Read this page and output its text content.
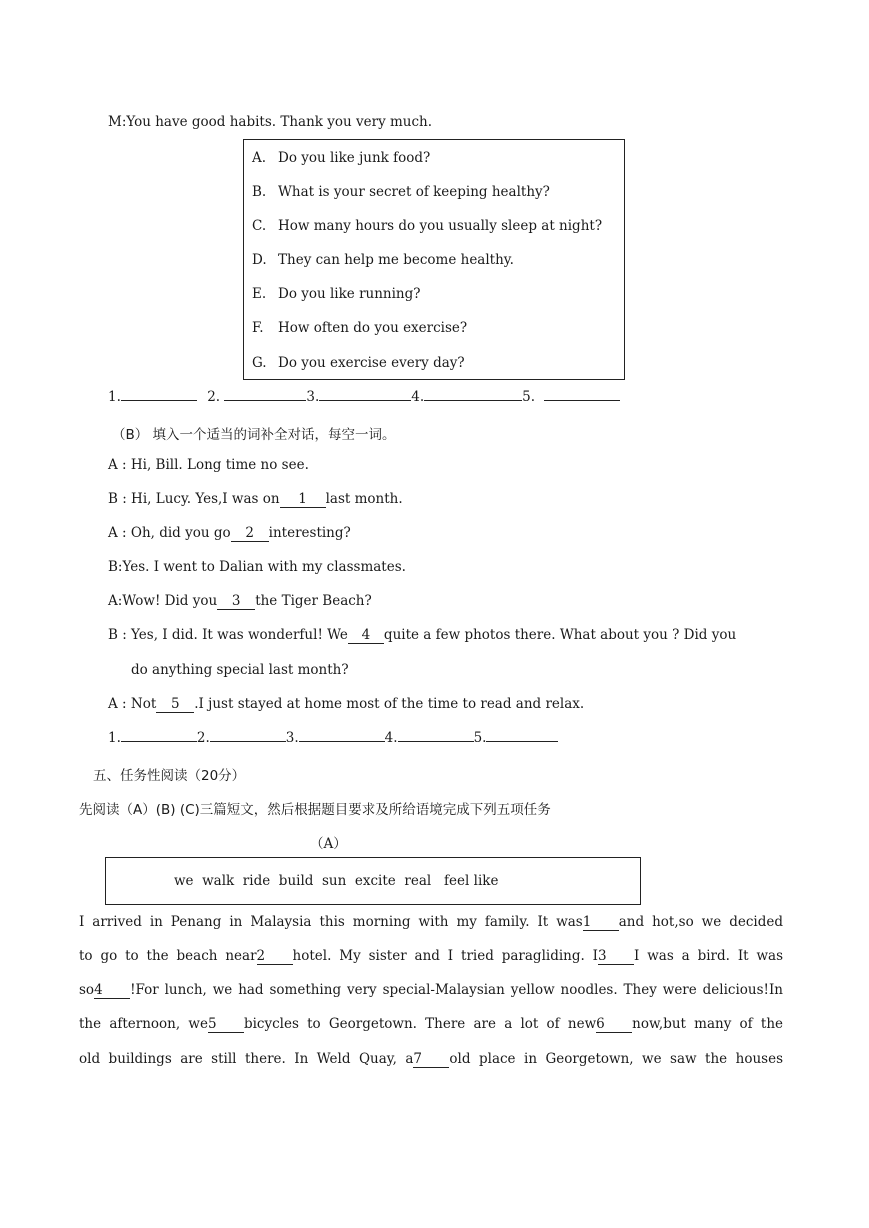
M:You have good habits. Thank you very much.
A. Do you like junk food?
B. What is your secret of keeping healthy?
C. How many hours do you usually sleep at night?
D. They can help me become healthy.
E. Do you like running?
F. How often do you exercise?
G. Do you exercise every day?
1.	2.	3.	4.	5.
（B） 填入一个适当的词补全对话，每空一词。
A : Hi, Bill. Long time no see.
B : Hi, Lucy. Yes,I was on 1 last month.
A : Oh, did you go 2 interesting?
B:Yes. I went to Dalian with my classmates.
A:Wow! Did you 3 the Tiger Beach?
B : Yes, I did. It was wonderful! We 4 quite a few photos there. What about you ? Did you
do anything special last month?
A : Not 5 .I just stayed at home most of the time to read and relax.
1.	2.	3.	4.	5.
五、任务性阅读（20分）
先阅读（A）(B) (C)三篇短文，然后根据题目要求及所给语境完成下列五项任务
（A）
we  walk  ride  build  sun  excite  real   feel like
I arrived in Penang in Malaysia this morning with my family. It was1 and hot,so we decided
to go to the beach near2 hotel. My sister and I tried paragliding. I3 I was a bird. It was
so4 !For lunch, we had something very special-Malaysian yellow noodles. They were delicious!In
the afternoon, we5 bicycles to Georgetown. There are a lot of new6 now,but many of the
old buildings are still there. In Weld Quay, a7 old place in Georgetown, we saw the houses
